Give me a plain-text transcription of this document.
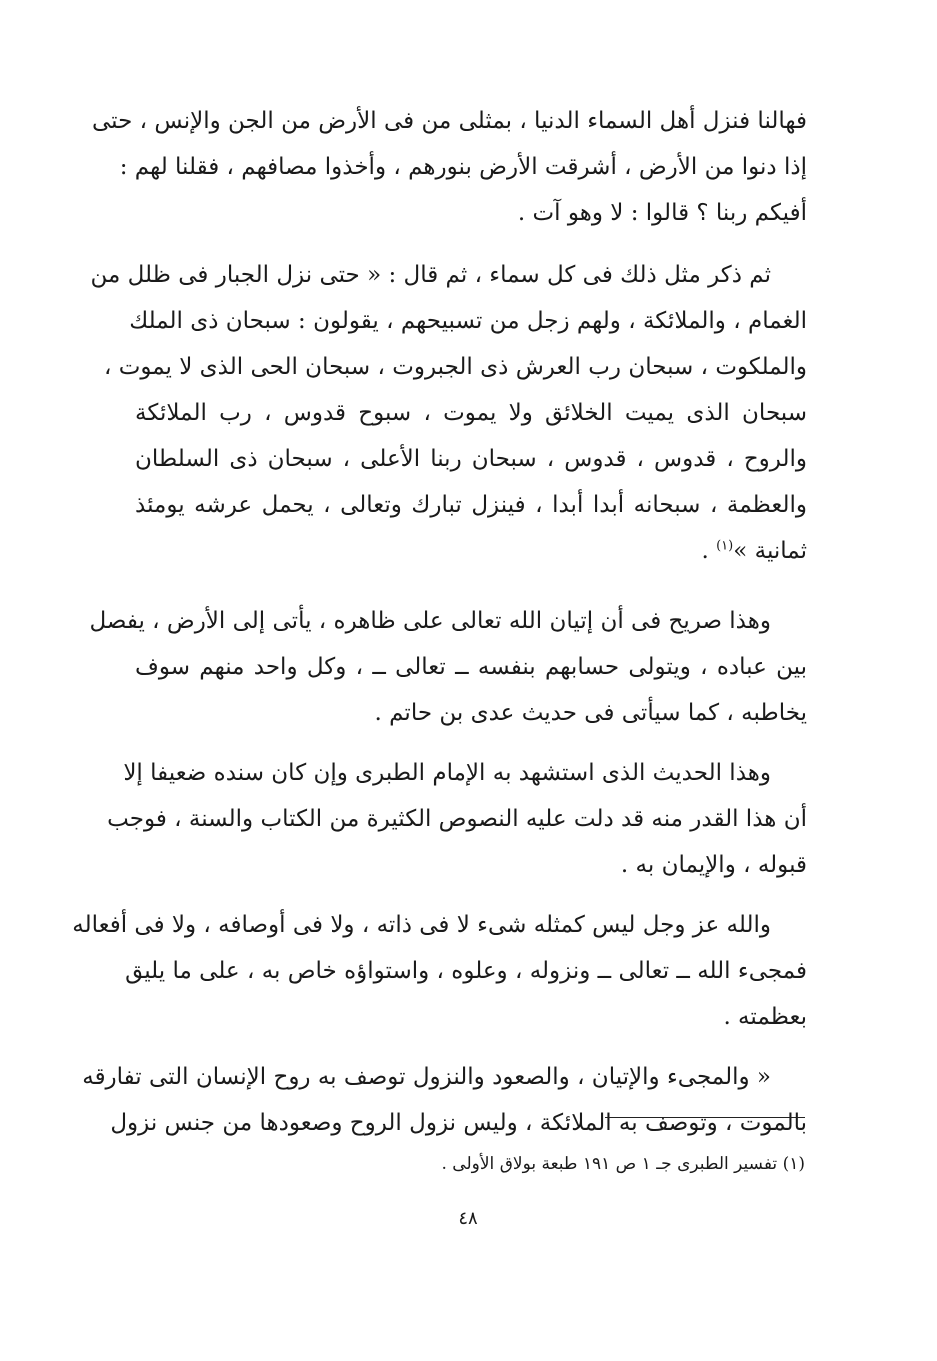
فهالنا فنزل أهل السماء الدنيا ، بمثلى من فى الأرض من الجن والإنس ، حتى
إذا دنوا من الأرض ، أشرقت الأرض بنورهم ، وأخذوا مصافهم ، فقلنا لهم :
أفيكم ربنا ؟ قالوا : لا وهو آت .

ثم ذكر مثل ذلك فى كل سماء ، ثم قال : « حتى نزل الجبار فى ظلل من
الغمام ، والملائكة ، ولهم زجل من تسبيحهم ، يقولون : سبحان ذى الملك
والملكوت ، سبحان رب العرش ذى الجبروت ، سبحان الحى الذى لا يموت ،
سبحان الذى يميت الخلائق ولا يموت ، سبوح قدوس ، رب الملائكة
والروح ، قدوس ، قدوس ، سبحان ربنا الأعلى ، سبحان ذى السلطان
والعظمة ، سبحانه أبدا أبدا ، فينزل تبارك وتعالى ، يحمل عرشه يومئذ
ثمانية »$^{(١)}$ .

وهذا صريح فى أن إتيان الله تعالى على ظاهره ، يأتى إلى الأرض ، يفصل
بين عباده ، ويتولى حسابهم بنفسه ــ تعالى ــ ، وكل واحد منهم سوف
يخاطبه ، كما سيأتى فى حديث عدى بن حاتم .

وهذا الحديث الذى استشهد به الإمام الطبرى وإن كان سنده ضعيفا إلا
أن هذا القدر منه قد دلت عليه النصوص الكثيرة من الكتاب والسنة ، فوجب
قبوله ، والإيمان به .

والله عز وجل ليس كمثله شىء لا فى ذاته ، ولا فى أوصافه ، ولا فى أفعاله
فمجىء الله ــ تعالى ــ ونزوله ، وعلوه ، واستواؤه خاص به ، على ما يليق
بعظمته .

« والمجىء والإتيان ، والصعود والنزول توصف به روح الإنسان التى تفارقه
بالموت ، وتوصف به الملائكة ، وليس نزول الروح وصعودها من جنس نزول

(١) تفسير الطبرى جـ ١ ص ١٩١ طبعة بولاق الأولى .
٤٨
